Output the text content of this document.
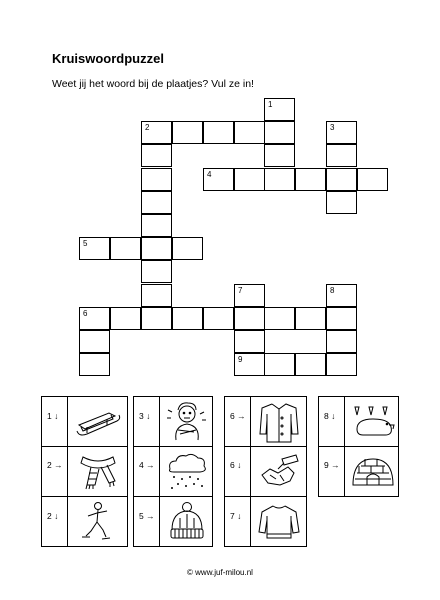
Kruiswoordpuzzel
Weet jij het woord bij de plaatjes? Vul ze in!
1
2	3
4
5
7	8
6
9
1 ↓
2 →
2 ↓
3 ↓
4 →
5 →
6 →
6 ↓
7 ↓
8 ↓
9 →
© www.juf-milou.nl
